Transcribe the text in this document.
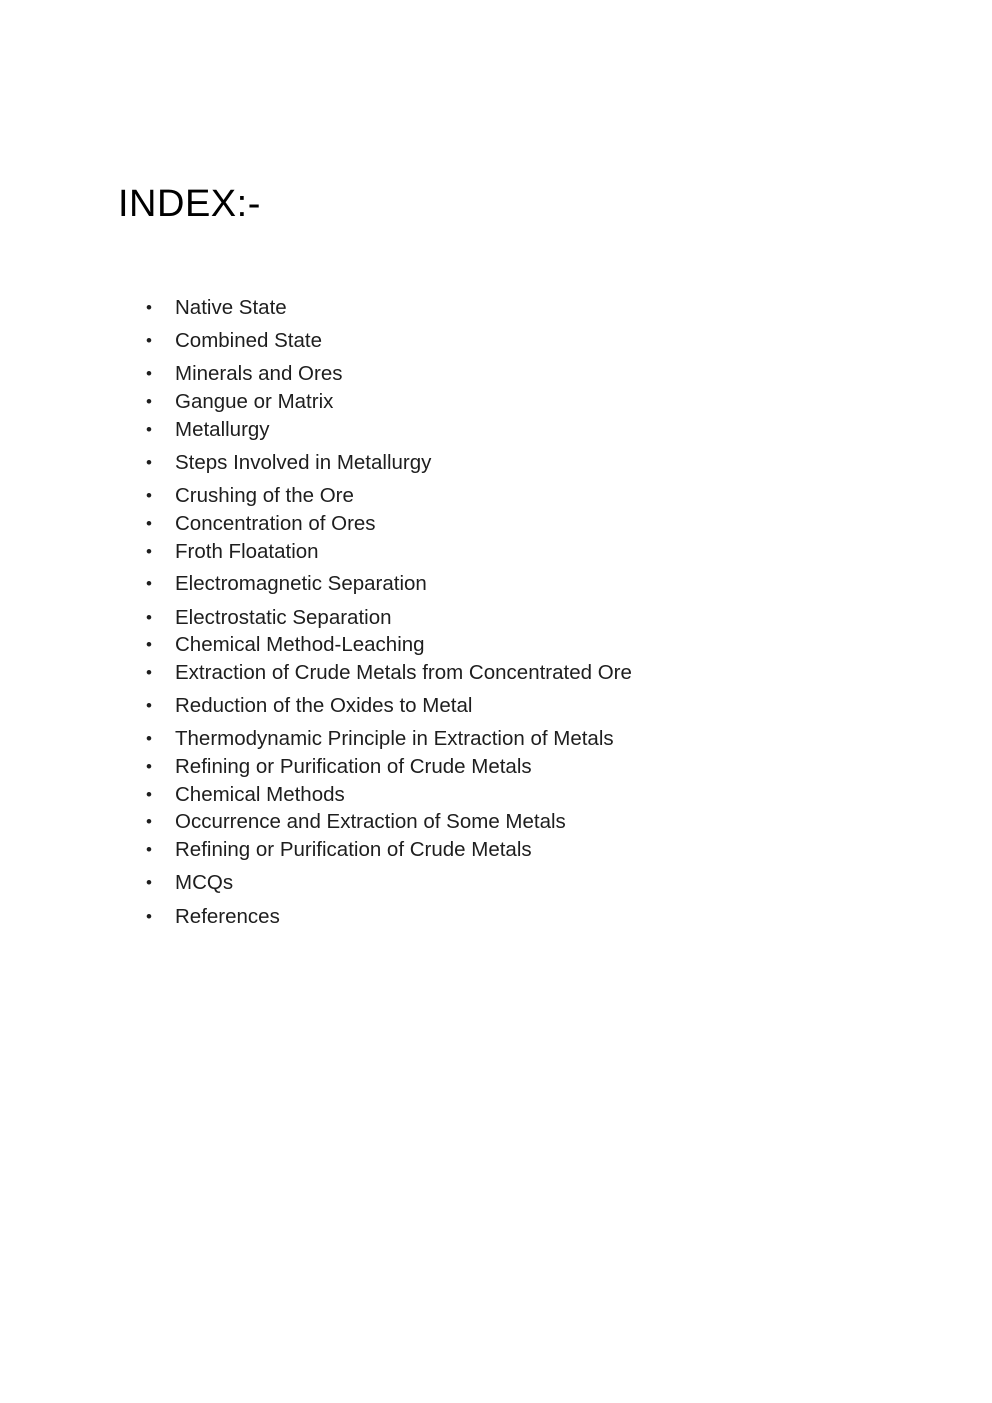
INDEX:-
• Native State
• Combined State
• Minerals and Ores
• Gangue or Matrix
• Metallurgy
• Steps Involved in Metallurgy
• Crushing of the Ore
• Concentration of Ores
• Froth Floatation
• Electromagnetic Separation
• Electrostatic Separation
• Chemical Method-Leaching
• Extraction of Crude Metals from Concentrated Ore
• Reduction of the Oxides to Metal
• Thermodynamic Principle in Extraction of Metals
• Refining or Purification of Crude Metals
• Chemical Methods
• Occurrence and Extraction of Some Metals
• Refining or Purification of Crude Metals
• MCQs
• References
